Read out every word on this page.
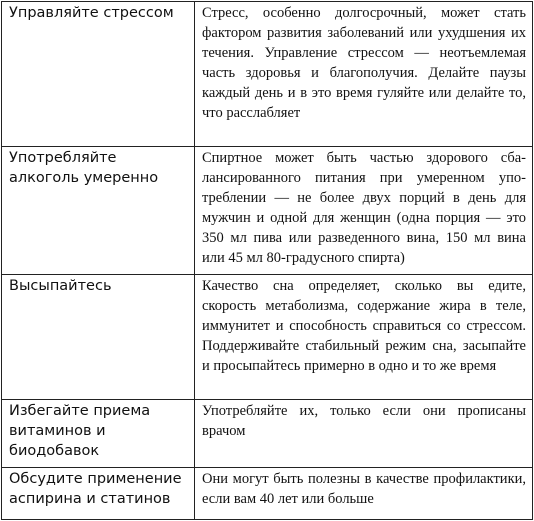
Управляйте стрессом	Стресс, особенно долгосрочный, может стать фактором развития заболеваний или ухудшения их течения. Управление стрессом — неотъемлемая часть здоровья и благополучия. Делайте паузы каждый день и в это время гуляйте или делайте то, что расслабляет
Употребляйте алкоголь умеренно	Спиртное может быть частью здорового сбалансированного питания при умеренном употреблении — не более двух порций в день для мужчин и одной для женщин (одна порция — это 350 мл пива или разведенного вина, 150 мл вина или 45 мл 80-градусного спирта)
Высыпайтесь	Качество сна определяет, сколько вы едите, скорость метаболизма, содержание жира в теле, иммунитет и способность справиться со стрессом. Поддерживайте стабильный режим сна, засыпайте и просыпайтесь примерно в одно и то же время
Избегайте приема витаминов и биодобавок	Употребляйте их, только если они прописаны врачом
Обсудите применение аспирина и статинов	Они могут быть полезны в качестве профилактики, если вам 40 лет или больше
